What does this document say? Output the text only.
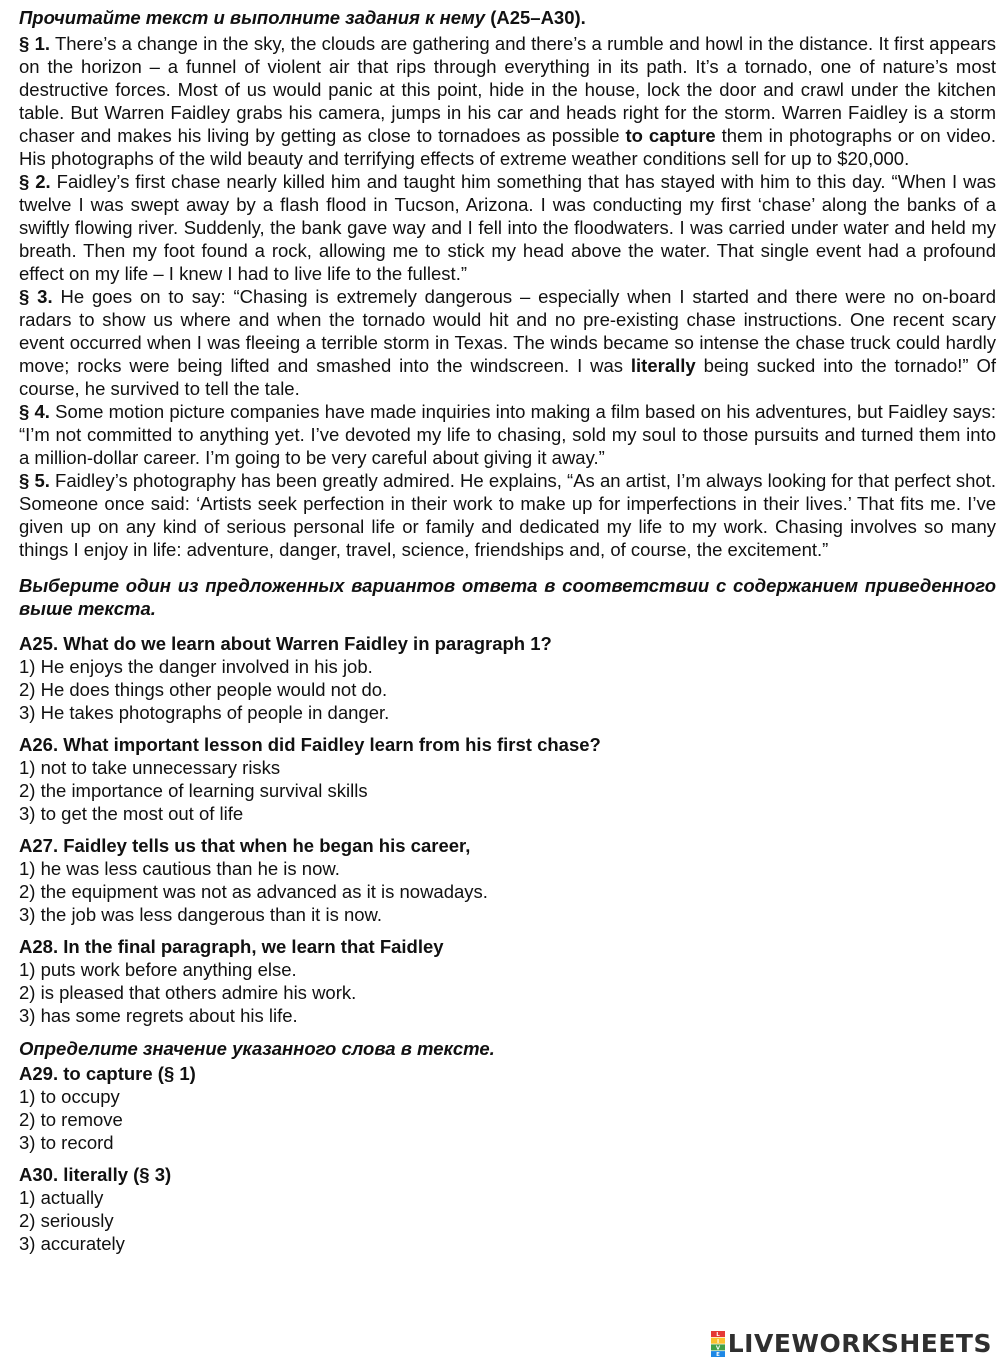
Прочитайте текст и выполните задания к нему (A25–A30).

§ 1. There’s a change in the sky, the clouds are gathering and there’s a rumble and howl in the distance. It first appears on the horizon – a funnel of violent air that rips through everything in its path. It’s a tornado, one of nature’s most destructive forces. Most of us would panic at this point, hide in the house, lock the door and crawl under the kitchen table. But Warren Faidley grabs his camera, jumps in his car and heads right for the storm. Warren Faidley is a storm chaser and makes his living by getting as close to tornadoes as possible to capture them in photographs or on video. His photographs of the wild beauty and terrifying effects of extreme weather conditions sell for up to $20,000.

§ 2. Faidley’s first chase nearly killed him and taught him something that has stayed with him to this day. “When I was twelve I was swept away by a flash flood in Tucson, Arizona. I was conducting my first ‘chase’ along the banks of a swiftly flowing river. Suddenly, the bank gave way and I fell into the floodwaters. I was carried under water and held my breath. Then my foot found a rock, allowing me to stick my head above the water. That single event had a profound effect on my life – I knew I had to live life to the fullest.”

§ 3. He goes on to say: “Chasing is extremely dangerous – especially when I started and there were no on-board radars to show us where and when the tornado would hit and no pre-existing chase instructions. One recent scary event occurred when I was fleeing a terrible storm in Texas. The winds became so intense the chase truck could hardly move; rocks were being lifted and smashed into the windscreen. I was literally being sucked into the tornado!” Of course, he survived to tell the tale.

§ 4. Some motion picture companies have made inquiries into making a film based on his adventures, but Faidley says: “I’m not committed to anything yet. I’ve devoted my life to chasing, sold my soul to those pursuits and turned them into a million-dollar career. I’m going to be very careful about giving it away.”

§ 5. Faidley’s photography has been greatly admired. He explains, “As an artist, I’m always looking for that perfect shot. Someone once said: ‘Artists seek perfection in their work to make up for imperfections in their lives.’ That fits me. I’ve given up on any kind of serious personal life or family and dedicated my life to my work. Chasing involves so many things I enjoy in life: adventure, danger, travel, science, friendships and, of course, the excitement.”

Выберите один из предложенных вариантов ответа в соответствии с содержанием приведенного выше текста.

A25. What do we learn about Warren Faidley in paragraph 1?

1) He enjoys the danger involved in his job.

2) He does things other people would not do.

3) He takes photographs of people in danger.

A26. What important lesson did Faidley learn from his first chase?

1) not to take unnecessary risks

2) the importance of learning survival skills

3) to get the most out of life

A27. Faidley tells us that when he began his career,

1) he was less cautious than he is now.

2) the equipment was not as advanced as it is nowadays.

3) the job was less dangerous than it is now.

A28. In the final paragraph, we learn that Faidley

1) puts work before anything else.

2) is pleased that others admire his work.

3) has some regrets about his life.

Определите значение указанного слова в тексте.

A29. to capture (§ 1)

1) to occupy

2) to remove

3) to record

A30. literally (§ 3)

1) actually

2) seriously

3) accurately

L
I
V
E LIVEWORKSHEETS
